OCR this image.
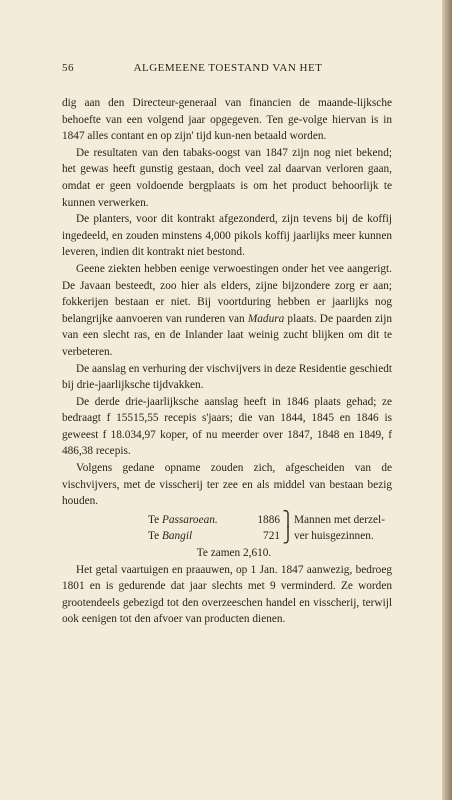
56	ALGEMEENE TOESTAND VAN HET

dig aan den Directeur-generaal van financien de maande-lijksche behoefte van een volgend jaar opgegeven. Ten ge-volge hiervan is in 1847 alles contant en op zijn' tijd kun-nen betaald worden.

De resultaten van den tabaks-oogst van 1847 zijn nog niet bekend; het gewas heeft gunstig gestaan, doch veel zal daarvan verloren gaan, omdat er geen voldoende bergplaats is om het product behoorlijk te kunnen verwerken.

De planters, voor dit kontrakt afgezonderd, zijn tevens bij de koffij ingedeeld, en zouden minstens 4,000 pikols koffij jaarlijks meer kunnen leveren, indien dit kontrakt niet bestond.

Geene ziekten hebben eenige verwoestingen onder het vee aangerigt. De Javaan besteedt, zoo hier als elders, zijne bijzondere zorg er aan; fokkerijen bestaan er niet. Bij voortduring hebben er jaarlijks nog belangrijke aanvoeren van runderen van Madura plaats. De paarden zijn van een slecht ras, en de Inlander laat weinig zucht blijken om dit te verbeteren.

De aanslag en verhuring der vischvijvers in deze Residentie geschiedt bij drie-jaarlijksche tijdvakken.

De derde drie-jaarlijksche aanslag heeft in 1846 plaats gehad; ze bedraagt f 15515,55 recepis s'jaars; die van 1844, 1845 en 1846 is geweest f 18.034,97 koper, of nu meerder over 1847, 1848 en 1849, f 486,38 recepis.

Volgens gedane opname zouden zich, afgescheiden van de vischvijvers, met de visscherij ter zee en als middel van bestaan bezig houden.

Te Passaroean.	1886 ⎫ Mannen met derzel-
Te Bangil	721 ⎭ ver huisgezinnen.

Te zamen 2,610.

Het getal vaartuigen en praauwen, op 1 Jan. 1847 aanwezig, bedroeg 1801 en is gedurende dat jaar slechts met 9 verminderd. Ze worden grootendeels gebezigd tot den overzeeschen handel en visscherij, terwijl ook eenigen tot den afvoer van producten dienen.
